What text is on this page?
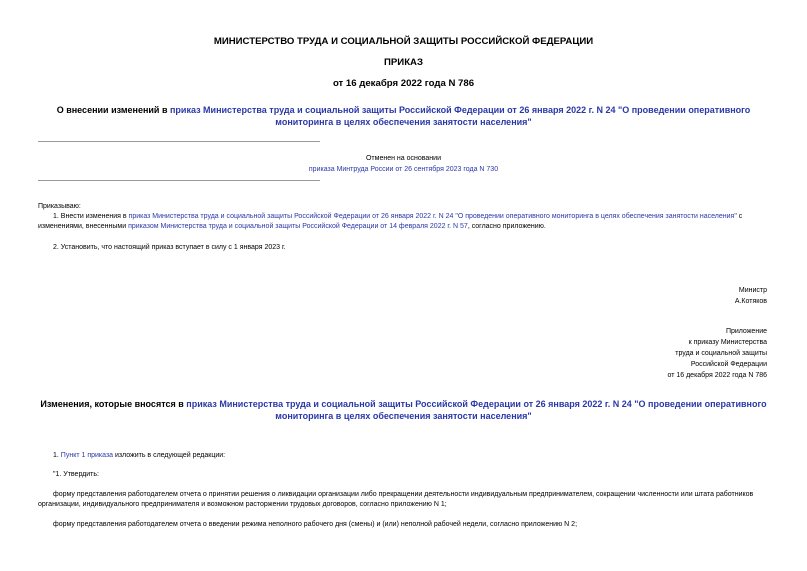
МИНИСТЕРСТВО ТРУДА И СОЦИАЛЬНОЙ ЗАЩИТЫ РОССИЙСКОЙ ФЕДЕРАЦИИ
ПРИКАЗ
от 16 декабря 2022 года N 786
О внесении изменений в приказ Министерства труда и социальной защиты Российской Федерации от 26 января 2022 г. N 24 "О проведении оперативного мониторинга в целях обеспечения занятости населения"
Отменен на основании
приказа Минтруда России от 26 сентября 2023 года N 730
Приказываю:
1. Внести изменения в приказ Министерства труда и социальной защиты Российской Федерации от 26 января 2022 г. N 24 "О проведении оперативного мониторинга в целях обеспечения занятости населения" с изменениями, внесенными приказом Министерства труда и социальной защиты Российской Федерации от 14 февраля 2022 г. N 57, согласно приложению.
2. Установить, что настоящий приказ вступает в силу с 1 января 2023 г.
Министр
А.Котяков
Приложение
к приказу Министерства
труда и социальной защиты
Российской Федерации
от 16 декабря 2022 года N 786
Изменения, которые вносятся в приказ Министерства труда и социальной защиты Российской Федерации от 26 января 2022 г. N 24 "О проведении оперативного мониторинга в целях обеспечения занятости населения"
1. Пункт 1 приказа изложить в следующей редакции:
"1. Утвердить:
форму представления работодателем отчета о принятии решения о ликвидации организации либо прекращении деятельности индивидуальным предпринимателем, сокращении численности или штата работников организации, индивидуального предпринимателя и возможном расторжении трудовых договоров, согласно приложению N 1;
форму представления работодателем отчета о введении режима неполного рабочего дня (смены) и (или) неполной рабочей недели, согласно приложению N 2;
